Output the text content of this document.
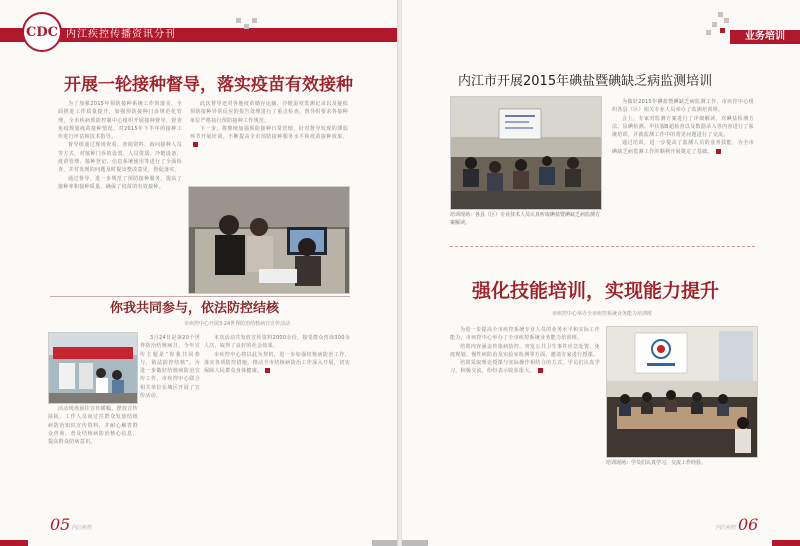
CDC 内江疾控传播资讯分刊
开展一轮接种督导，落实疫苗有效接种

为了加强2015年预防接种系统工作的落实，全面推进工作质量提升，加强预防接种门诊规范化管理，全市疾病预防控制中心组织开展接种督导，督查免疫规划疫苗接种情况，对2015年下半年的接种工作进行评估和技术指导。

督导组通过现场查看、查阅资料、询问接种人员等方式，对接种门诊的设置、人员资质、冷链设备、疫苗管理、接种登记、信息系统使用等进行了全面检查，并对发现的问题及时提出整改意见，督促落实。

通过督导，进一步规范了预防接种服务，提高了接种率和接种质量，确保了疫苗的有效接种。

此次督导还对各地疫苗储存运输、冷链温度监测记录以及疑似预防接种异常反应的报告处理进行了重点检查。督导组要求各接种单位严格执行预防接种工作规范。

下一步，将继续加强预防接种日常管理，针对督导发现的薄弱环节开展培训，不断提高全市预防接种服务水平和疫苗接种效果。

你我共同参与，依法防控结核
市疾控中心开展3·24世界防治结核病日宣传活动

3月24日是第20个世界防治结核病日，今年宣传主题是“你我共同参与，依法防控结核”。为进一步做好结核病防治宣传工作，市疾控中心联合相关单位在城区开展了宣传活动。

活动现场悬挂宣传横幅、摆放宣传展板，工作人员向过往群众发放结核病防治知识宣传资料，并耐心解答群众咨询，普及结核病防治核心信息，提高群众防病意识。

本次活动共发放宣传资料2000余份，接受群众咨询300余人次，取得了良好的社会效果。

市疾控中心将以此为契机，进一步加强结核病防治工作，落实各项防控措施，推动全市结核病防治工作深入开展，切实保障人民群众身体健康。

05 内江疾控
业务培训
内江市开展2015年碘盐暨碘缺乏病监测培训
培训现场：各县（区）专业技术人员认真听取碘盐暨碘缺乏病监测方案解读。

为做好2015年碘盐暨碘缺乏病监测工作，市疾控中心组织各县（区）相关专业人员举办了监测培训班。

会上，专家对监测方案进行了详细解读，对碘盐检测方法、尿碘检测、甲状腺B超检查以及数据录入等内容进行了系统培训，并就监测工作中的常见问题进行了交流。

通过培训，进一步提高了监测人员的业务技能，为全市碘缺乏病监测工作的顺利开展奠定了基础。

强化技能培训，实现能力提升
市疾控中心举办全市疾控系统业务能力培训班

为进一步提高全市疾控系统专业人员的业务水平和实际工作能力，市疾控中心举办了全市疾控系统业务能力培训班。

培训内容涵盖传染病防控、突发公共卫生事件应急处置、免疫规划、慢性病防治及实验室检测等方面，邀请专家进行授课。

培训采取理论授课与实际操作相结合的方式，学员们认真学习，积极交流，纷纷表示收获很大。

培训现场：学员们认真学习，交流工作经验。
内江疾控 06
